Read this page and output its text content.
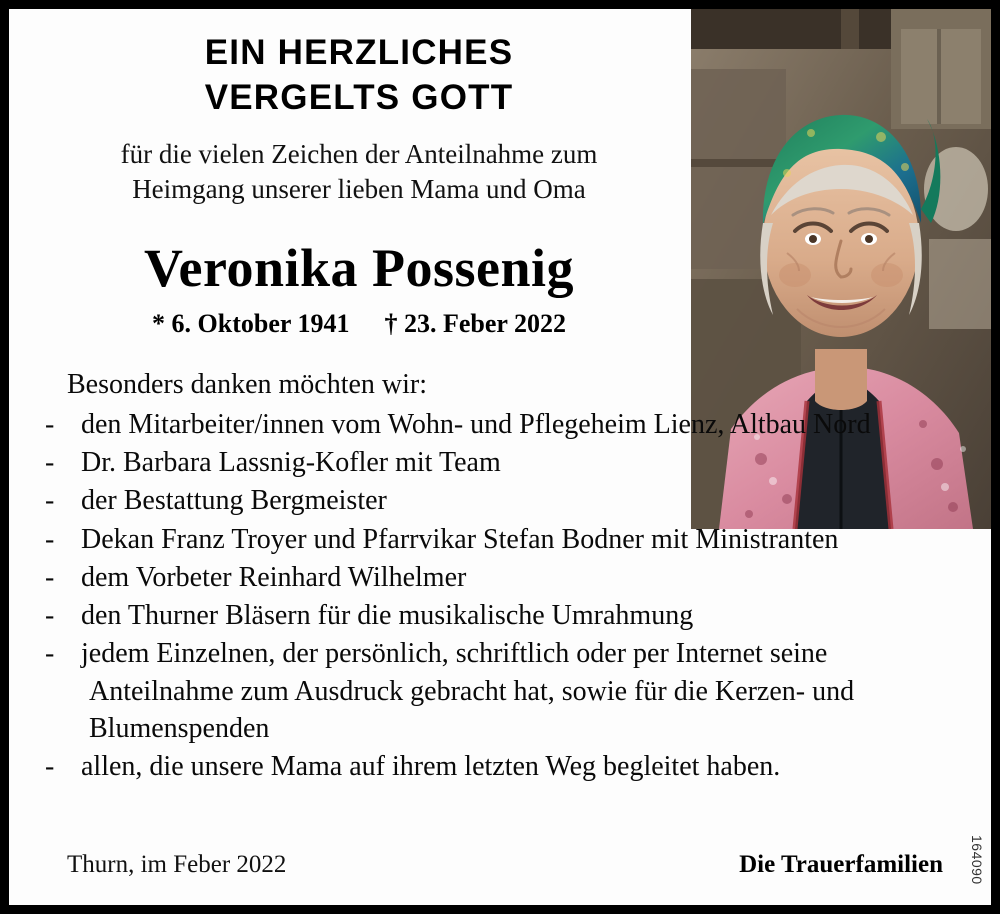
EIN HERZLICHES
VERGELTS GOTT
für die vielen Zeichen der Anteilnahme zum
Heimgang unserer lieben Mama und Oma
Veronika Possenig
* 6. Oktober 1941 † 23. Feber 2022
Besonders danken möchten wir:
- den Mitarbeiter/innen vom Wohn- und Pflegeheim Lienz, Altbau Nord
- Dr. Barbara Lassnig-Kofler mit Team
- der Bestattung Bergmeister
- Dekan Franz Troyer und Pfarrvikar Stefan Bodner mit Ministranten
- dem Vorbeter Reinhard Wilhelmer
- den Thurner Bläsern für die musikalische Umrahmung
- jedem Einzelnen, der persönlich, schriftlich oder per Internet seine Anteilnahme zum Ausdruck gebracht hat, sowie für die Kerzen- und Blumenspenden
- allen, die unsere Mama auf ihrem letzten Weg begleitet haben.
Thurn, im Feber 2022	Die Trauerfamilien 164090
